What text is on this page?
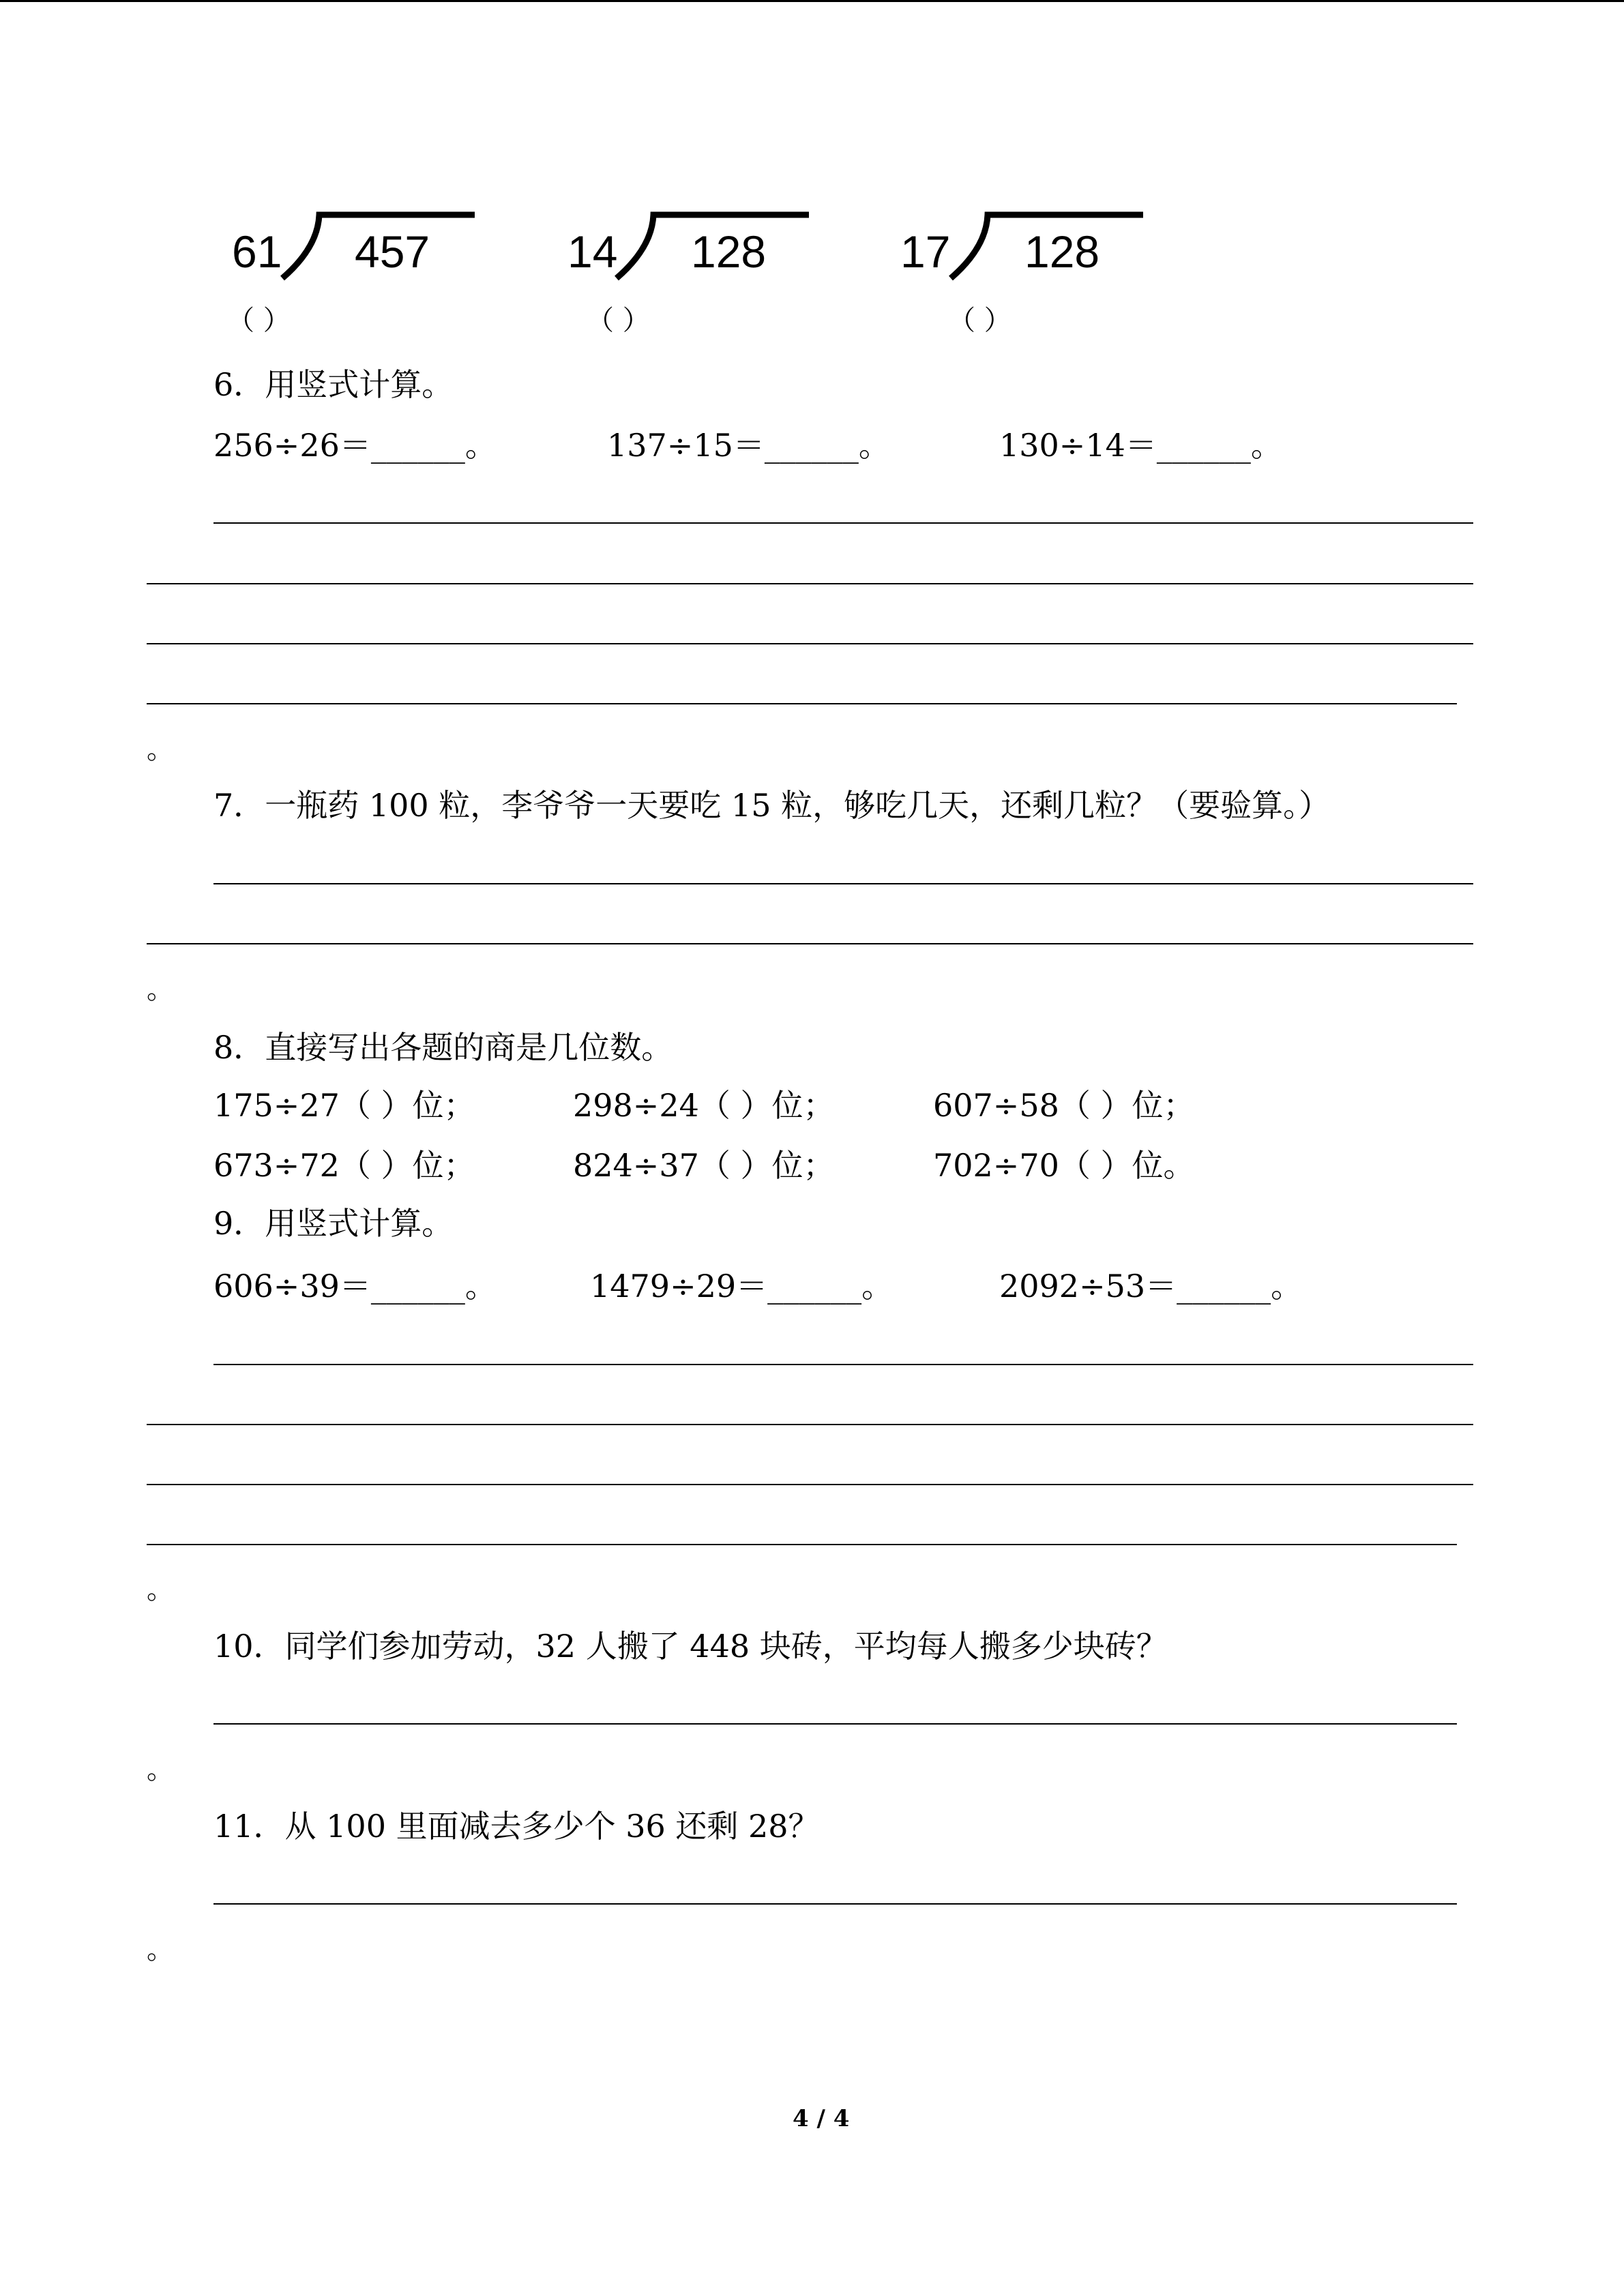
61 457
（ ）
14 128
（ ）
17 128
（ ）
6．用竖式计算。
256÷26＝______。	137÷15＝______。	130÷14＝______。
。
7．一瓶药 100 粒，李爷爷一天要吃 15 粒，够吃几天，还剩几粒？（要验算。）
。
8．直接写出各题的商是几位数。
175÷27（ ）位；	298÷24（ ）位；	607÷58（ ）位；
673÷72（ ）位；	824÷37（ ）位；	702÷70（ ）位。
9．用竖式计算。
606÷39＝______。	1479÷29＝______。	2092÷53＝______。
。
10．同学们参加劳动，32 人搬了 448 块砖，平均每人搬多少块砖？
。
11．从 100 里面减去多少个 36 还剩 28？
。
4 / 4
